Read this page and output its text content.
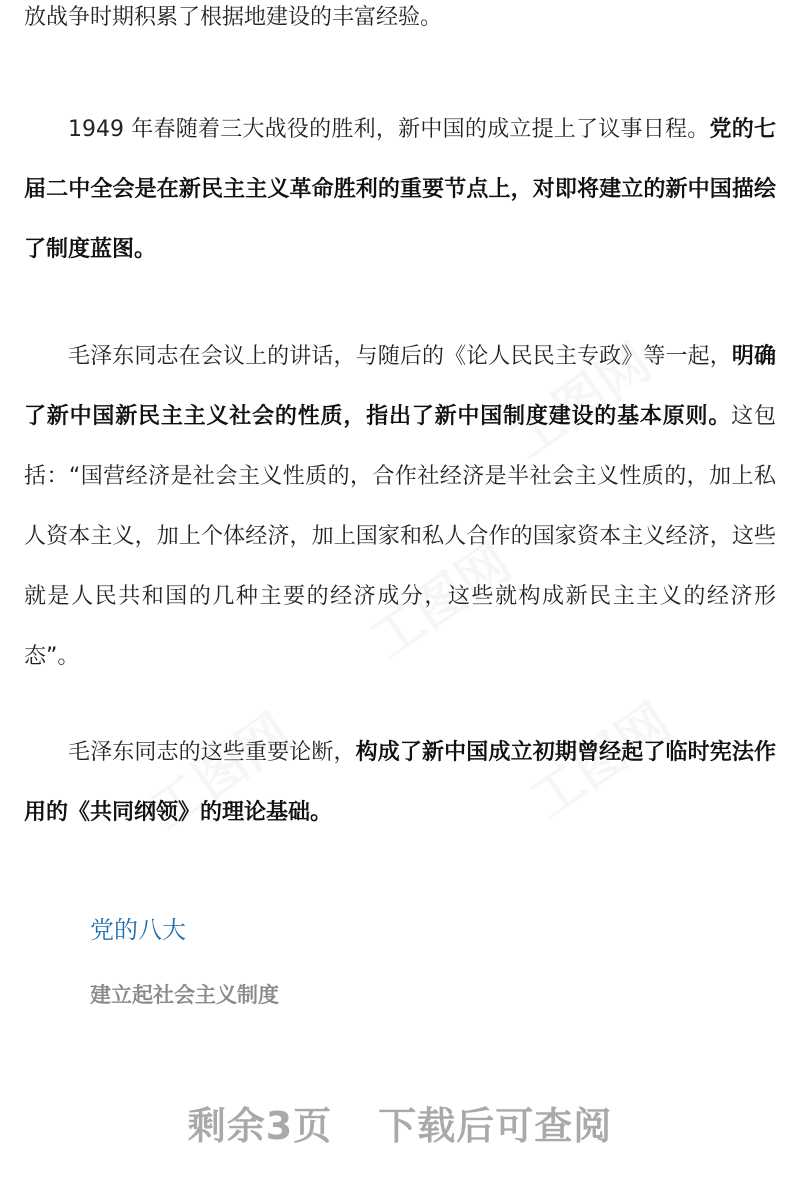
放战争时期积累了根据地建设的丰富经验。

1949 年春随着三大战役的胜利，新中国的成立提上了议事日程。党的七届二中全会是在新民主主义革命胜利的重要节点上，对即将建立的新中国描绘了制度蓝图。

毛泽东同志在会议上的讲话，与随后的《论人民民主专政》等一起，明确了新中国新民主主义社会的性质，指出了新中国制度建设的基本原则。这包括：“国营经济是社会主义性质的，合作社经济是半社会主义性质的，加上私人资本主义，加上个体经济，加上国家和私人合作的国家资本主义经济，这些就是人民共和国的几种主要的经济成分，这些就构成新民主主义的经济形态”。

毛泽东同志的这些重要论断，构成了新中国成立初期曾经起了临时宪法作用的《共同纲领》的理论基础。

党的八大
建立起社会主义制度
剩余3页 下载后可查阅
